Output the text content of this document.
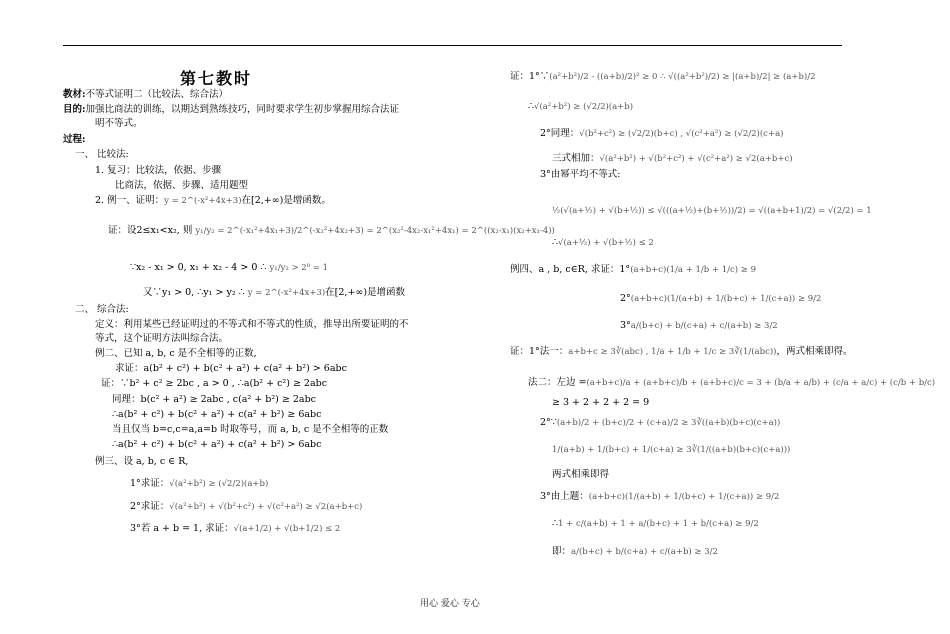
第七教时
教材:不等式证明二（比较法、综合法）
目的:加强比商法的训练，以期达到熟练技巧，同时要求学生初步掌握用综合法证
明不等式。
过程:
一、 比较法:
1. 复习：比较法，依据、步骤
比商法，依据、步骤、适用题型
2. 例一、证明：y = 2^(-x²+4x+3)在[2,+∞)是增函数。
证：设2≤x₁<x₂, 则 y₁/y₂ = 2^(-x₁²+4x₁+3)/2^(-x₂²+4x₂+3) = 2^(x₂²-4x₂-x₁²+4x₁) = 2^((x₂-x₁)(x₂+x₁-4))
∵x₂ - x₁ > 0, x₁ + x₂ - 4 > 0 ∴ y₁/y₂ > 2⁰ = 1
又∵y₁ > 0, ∴y₁ > y₂ ∴ y = 2^(-x²+4x+3)在[2,+∞)是增函数
二、 综合法:
定义：利用某些已经证明过的不等式和不等式的性质，推导出所要证明的不
等式，这个证明方法叫综合法。
例二、已知 a, b, c 是不全相等的正数,
求证：a(b² + c²) + b(c² + a²) + c(a² + b²) > 6abc
证：∵b² + c² ≥ 2bc , a > 0 , ∴a(b² + c²) ≥ 2abc
同理：b(c² + a²) ≥ 2abc , c(a² + b²) ≥ 2abc
∴a(b² + c²) + b(c² + a²) + c(a² + b²) ≥ 6abc
当且仅当 b=c,c=a,a=b 时取等号，而 a, b, c 是不全相等的正数
∴a(b² + c²) + b(c² + a²) + c(a² + b²) > 6abc
例三、设 a, b, c ∈ R,
1°求证：√(a²+b²) ≥ (√2/2)(a+b)
2°求证：√(a²+b²) + √(b²+c²) + √(c²+a²) ≥ √2(a+b+c)
3°若 a + b = 1, 求证：√(a+1/2) + √(b+1/2) ≤ 2
证：1°∵(a²+b²)/2 - ((a+b)/2)² ≥ 0 ∴ √((a²+b²)/2) ≥ |(a+b)/2| ≥ (a+b)/2
∴√(a²+b²) ≥ (√2/2)(a+b)
2°同理：√(b²+c²) ≥ (√2/2)(b+c) , √(c²+a²) ≥ (√2/2)(c+a)
三式相加：√(a²+b²) + √(b²+c²) + √(c²+a²) ≥ √2(a+b+c)
3°由幂平均不等式:
½(√(a+½) + √(b+½)) ≤ √(((a+½)+(b+½))/2) = √((a+b+1)/2) = √(2/2) = 1
∴√(a+½) + √(b+½) ≤ 2
例四、a , b, c∈R, 求证：1°(a+b+c)(1/a + 1/b + 1/c) ≥ 9
2°(a+b+c)(1/(a+b) + 1/(b+c) + 1/(c+a)) ≥ 9/2
3°a/(b+c) + b/(c+a) + c/(a+b) ≥ 3/2
证：1°法一：a+b+c ≥ 3∛(abc) , 1/a + 1/b + 1/c ≥ 3∛(1/(abc))，两式相乘即得。
法二：左边 =(a+b+c)/a + (a+b+c)/b + (a+b+c)/c = 3 + (b/a + a/b) + (c/a + a/c) + (c/b + b/c)
≥ 3 + 2 + 2 + 2 = 9
2°∵(a+b)/2 + (b+c)/2 + (c+a)/2 ≥ 3∛((a+b)(b+c)(c+a))
1/(a+b) + 1/(b+c) + 1/(c+a) ≥ 3∛(1/((a+b)(b+c)(c+a)))
两式相乘即得
3°由上题：(a+b+c)(1/(a+b) + 1/(b+c) + 1/(c+a)) ≥ 9/2
∴1 + c/(a+b) + 1 + a/(b+c) + 1 + b/(c+a) ≥ 9/2
即：a/(b+c) + b/(c+a) + c/(a+b) ≥ 3/2
用心 爱心 专心
